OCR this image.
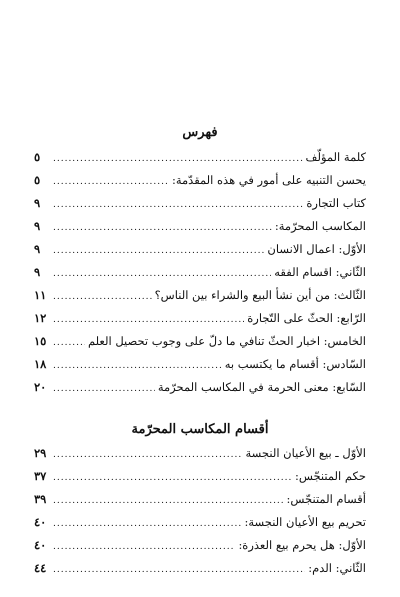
فهرس
كلمة المؤلّف
.....
٥
يحسن التنبيه على أمور في هذه المقدّمة:
.....
٥
كتاب التجارة
.....
٩
المكاسب المحرّمة:
.....
٩
الأوّل: اعمال الانسان
.....
٩
الثّاني: اقسام الفقه
.....
٩
الثّالث: من أين نشأ البيع والشراء بين الناس؟
.....
١١
الرّابع: الحثّ على التّجارة
.....
١٢
الخامس: اخبار الحثّ تنافي ما دلّ على وجوب تحصيل العلم
.....
١٥
السّادس: أقسام ما يكتسب به
.....
١٨
السّابع: معنى الحرمة في المكاسب المحرّمة
.....
٢٠
أقسام المكاسب المحرّمة
الأوّل ـ بيع الأعيان النجسة
.....
٢٩
حكم المتنجّس:
.....
٣٧
أقسام المتنجّس:
.....
٣٩
تحريم بيع الأعيان النجسة:
.....
٤٠
الأوّل: هل يحرم بيع العذرة:
.....
٤٠
الثّاني: الدم:
.....
٤٤
